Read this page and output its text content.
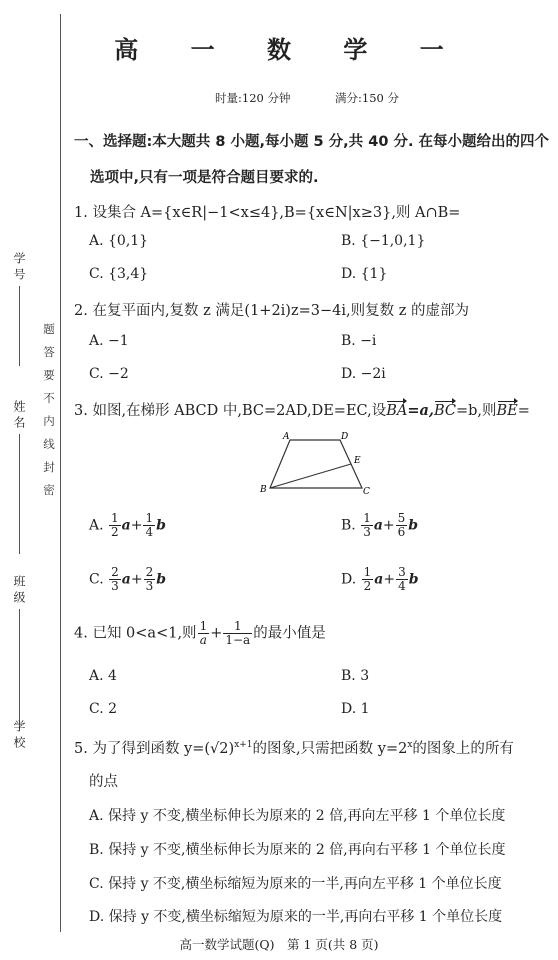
学 号
姓 名
班 级
学 校
题
答
要
不
内
线
封
密
高 一 数 学 一
时量:120 分钟	满分:150 分
一、选择题:本大题共 8 小题,每小题 5 分,共 40 分. 在每小题给出的四个
选项中,只有一项是符合题目要求的.
1. 设集合 A={x∈R|−1<x≤4},B={x∈N|x≥3},则 A∩B=
A. {0,1}	B. {−1,0,1}
C. {3,4}	D. {1}
2. 在复平面内,复数 z 满足(1+2i)z=3−4i,则复数 z 的虚部为
A. −1	B. −i
C. −2	D. −2i
3. 如图,在梯形 ABCD 中,BC=2AD,DE=EC,设BA=a,BC=b,则BE=
A	D
E
B	C
A. $\frac{1}{2} a+ \frac{1}{4}$ b	B. $\frac{1}{3} a+ \frac{5}{6}$ b
C. $\frac{2}{3} a+ \frac{2}{3}$ b	D. $\frac{1}{2} a+ \frac{3}{4}$ b
4. 已知 0<a<1,则 $\frac{1}{a} + \frac{1}{1-a}$ 的最小值是
A. 4	B. 3
C. 2	D. 1
5. 为了得到函数 $y=(√2)^{x+1}$的图象,只需把函数 $y=2^x$的图象上的所有
的点
A. 保持 y 不变,横坐标伸长为原来的 2 倍,再向左平移 1 个单位长度
B. 保持 y 不变,横坐标伸长为原来的 2 倍,再向右平移 1 个单位长度
C. 保持 y 不变,横坐标缩短为原来的一半,再向左平移 1 个单位长度
D. 保持 y 不变,横坐标缩短为原来的一半,再向右平移 1 个单位长度
高一数学试题(Q)　第 1 页(共 8 页)
